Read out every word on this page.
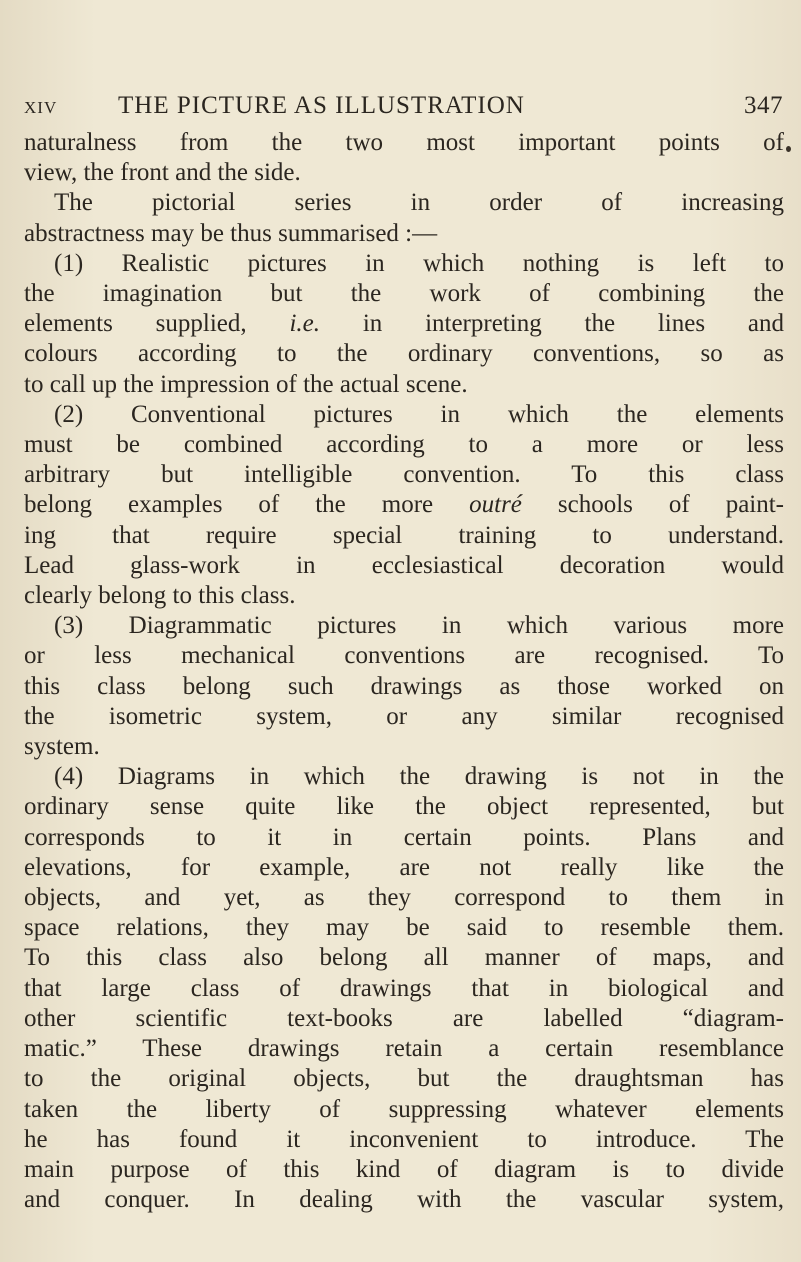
XIV THE PICTURE AS ILLUSTRATION	347
naturalness from the two most important points of
view, the front and the side.
The pictorial series in order of increasing
abstractness may be thus summarised :—
(1) Realistic pictures in which nothing is left to
the imagination but the work of combining the
elements supplied, i.e. in interpreting the lines and
colours according to the ordinary conventions, so as
to call up the impression of the actual scene.
(2) Conventional pictures in which the elements
must be combined according to a more or less
arbitrary but intelligible convention. To this class
belong examples of the more outré schools of paint-
ing that require special training to understand.
Lead glass-work in ecclesiastical decoration would
clearly belong to this class.
(3) Diagrammatic pictures in which various more
or less mechanical conventions are recognised. To
this class belong such drawings as those worked on
the isometric system, or any similar recognised
system.
(4) Diagrams in which the drawing is not in the
ordinary sense quite like the object represented, but
corresponds to it in certain points. Plans and
elevations, for example, are not really like the
objects, and yet, as they correspond to them in
space relations, they may be said to resemble them.
To this class also belong all manner of maps, and
that large class of drawings that in biological and
other scientific text-books are labelled “diagram-
matic.” These drawings retain a certain resemblance
to the original objects, but the draughtsman has
taken the liberty of suppressing whatever elements
he has found it inconvenient to introduce. The
main purpose of this kind of diagram is to divide
and conquer. In dealing with the vascular system,
